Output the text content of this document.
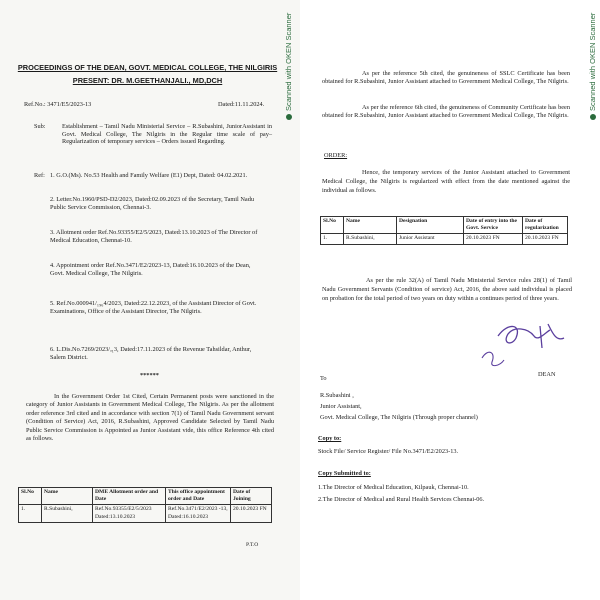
Scanned with OKEN Scanner
PROCEEDINGS OF THE DEAN, GOVT. MEDICAL COLLEGE, THE NILGIRIS
PRESENT: DR. M.GEETHANJALI., MD,DCH
Ref.No.: 3471/E5/2023-13	Dated:11.11.2024.
Sub:	Establishment – Tamil Nadu Ministerial Service – R.Subashini, JuniorAssistant in Govt. Medical College, The Nilgiris in the Regular time scale of pay– Regularization of temporary services – Orders issued Regarding.
Ref: 1. G.O.(Ms). No.53 Health and Family Welfare (E1) Dept, Dated: 04.02.2021.
2. Letter.No.1960/PSD-D2/2023, Dated:02.09.2023 of the Secretary, Tamil Nadu Public Service Commission, Chennai-3.
3. Allotment order Ref.No.93355/E2/5/2023, Dated:13.10.2023 of The Director of Medical Education, Chennai-10.
4. Appointment order Ref.No.3471/E2/2023-13, Dated:16.10.2023 of the Dean, Govt. Medical College, The Nilgiris.
5. Ref.No.000941/₁₉₆4/2023, Dated:22.12.2023, of the Assistant Director of Govt. Examinations, Office of the Assistant Director, The Nilgiris.
6. L.Dis.No.7269/2023/ₐ₁3, Dated:17.11.2023 of the Revenue Tahsildar, Anthur, Salem District.
******
In the Government Order 1st Cited, Certain Permanent posts were sanctioned in the category of Junior Assistants in Government Medical College, The Nilgiris. As per the allotment order reference 3rd cited and in accordance with section 7(1) of Tamil Nadu Government servant (Condition of Service) Act, 2016, R.Subashini, Approved Candidate Selected by Tamil Nadu Public Service Commission is Appointed as Junior Assistant vide, this office Reference 4th cited as follows.
Sl.No	Name	DME Allotment order and Date	This office appointment order and Date	Date of Joining
1.	R.Subashini,	Ref.No.93355/E2/5/2023 Dated:13.10.2023	Ref.No.3471/E2/2023 -13, Dated:16.10.2023	20.10.2023 FN
P.T.O
Scanned with OKEN Scanner
As per the reference 5th cited, the genuineness of SSLC Certificate has been obtained for R.Subashini, Junior Assistant attached to Government Medical College, The Nilgiris.
As per the reference 6th cited, the genuineness of Community Certificate has been obtained for R.Subashini, Junior Assistant attached to Government Medical College, The Nilgiris.
ORDER:
Hence, the temporary services of the Junior Assistant attached to Government Medical College, the Nilgiris is regularized with effect from the date mentioned against the individual as follows.
Sl.No	Name	Designation	Date of entry into the Govt. Service	Date of regularization
1.	R.Subashini,	Junior Assistant	20.10.2023 FN	20.10.2023 FN
As per the rule 32(A) of Tamil Nadu Ministerial Service rules 28(1) of Tamil Nadu Government Servants (Condition of service) Act, 2016, the above said individual is placed on probation for the total period of two years on duty within a continues period of three years.
DEAN
To
R.Subashini ,
Junior Assistant,
Govt. Medical College, The Nilgiris (Through proper channel)
Copy to:
Stock File/ Service Register/ File No.3471/E2/2023-13.
Copy Submitted to:
1.The Director of Medical Education, Kilpauk, Chennai-10.
2.The Director of Medical and Rural Health Services Chennai-06.
